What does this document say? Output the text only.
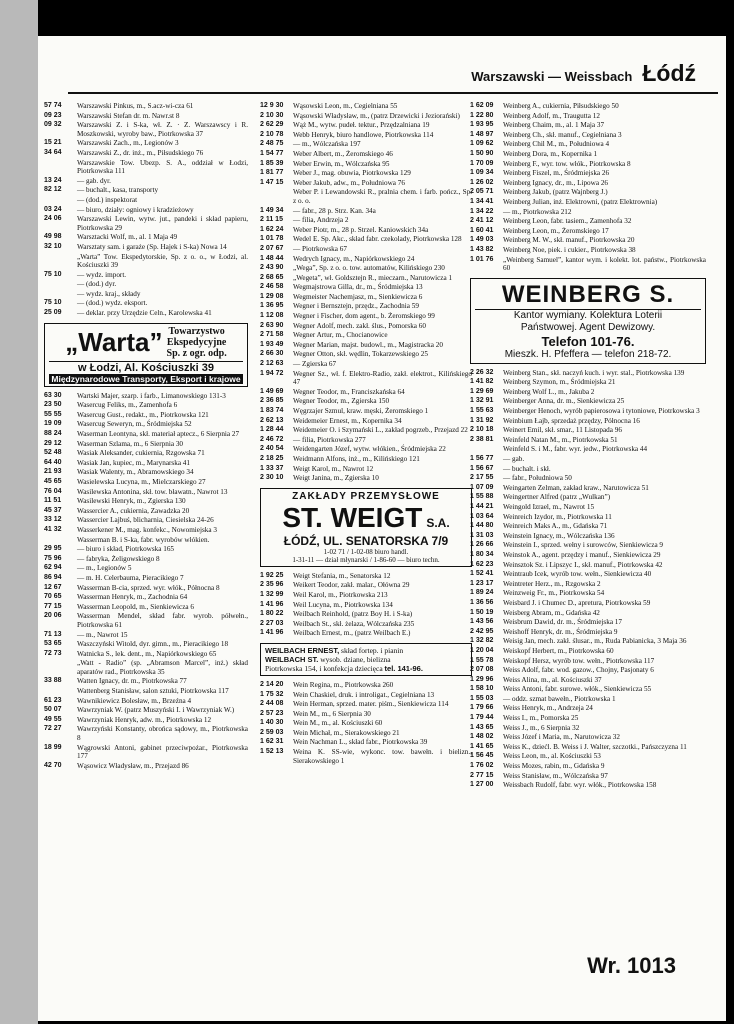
Warszawski — Weissbach Łódź
57 74	Warszawski Pinkus, m., S.acz-wi-cza 61
09 23	Warszawski Stefan dr. m. Nawr.st 8
09 32	Warszawski Z. i S-ka, wł. Z. · Z. Warszawscy i R. Moszkowski, wyroby baw., Piotrkowska 37
15 21	Warszawski Zach., m., Legionów 3
34 64	Warszawski Z., dr. inż., m., Piłsudskiego 76
Warszawskie Tow. Ubezp. S. A., oddział w Łodzi, Piotrkowska 111
13 24	— gab. dyr.
82 12	— buchalt., kasa, transporty
— (dod.) inspektorat
03 24	— biuro, działy: ogniowy i kradzieżowy
24 06	Warszawski Lewin, wytw. jut., pandeki i skład papieru, Piotrkowska 29
49 98	Warsztacki Wolf, m., al. 1 Maja 49
32 10	Warsztaty sam. i garaże (Sp. Hajek i S-ka) Nowa 14
„Warta” Tow. Ekspedytorskie, Sp. z o. o., w Łodzi, al. Kościuszki 39
75 10	— wydz. import.
— (dod.) dyr.
— wydz. kraj., składy
75 10	— (dod.) wydz. eksport.
25 09	— deklar. przy Urzędzie Celn., Karolewska 41
„Warta” Towarzystwo
Ekspedycyjne
Sp. z ogr. odp.
w Łodzi, Al. Kościuszki 39
Międzynarodowe Transporty, Eksport i krajowe
63 30	Wartski Majer, szarp. i farb., Limanowskiego 131-3
23 50	Wasercug Feliks, m., Zamenhofa 6
55 55	Wasercug Gust., redakt., m., Piotrkowska 121
19 09	Wasercug Seweryn, m., Śródmiejska 52
88 24	Waserman Leontyna, skł. materiał aptecz., 6 Sierpnia 27
29 12	Waserman Szlama, m., 6 Sierpnia 30
52 48	Wasiak Aleksander, cukiernia, Rzgowska 71
64 40	Wasiak Jan, kupiec, m., Marynarska 41
21 93	Wasiak Walenty, m., Abramowskiego 34
45 65	Wasielewska Lucyna, m., Mielczarskiego 27
76 04	Wasilewska Antonina, skł. tow. bławatn., Nawrot 13
11 51	Wasilewski Henryk, m., Zgierska 130
45 37	Wassercier A., cukiernia, Zawadzka 20
33 12	Wassercier Lajbuś, blicharnia, Ciesielska 24-26
41 32	Wasserkener M., mag. konfekc., Nowomiejska 3
Wasserman B. i S-ka, fabr. wyrobów włókien.
29 95	— biuro i skład, Piotrkowska 165
75 96	— fabryka, Żeligowskiego 8
62 94	— m., Legionów 5
86 94	— m. H. Celerbauma, Pieracikiego 7
12 67	Wasserman B-cia, sprzed. wyr. włók., Północna 8
70 65	Wasserman Henryk, m., Zachodnia 64
77 15	Wasserman Leopold, m., Sienkiewicza 6
20 06	Wasserman Mendel, skład fabr. wyrob. półwełn., Piotrkowska 61
71 13	— m., Nawrot 15
53 65	Waszczyński Witold, dyr. gimn., m., Pieracikiego 18
72 73	Watnicka S., lek. dent., m., Napiórkowskiego 65
„Watt - Radio” (sp. „Abramson Marcel”, inż.) skład aparatów rad., Piotrkowska 35
33 88	Watten Ignacy, dr. m., Piotrkowska 77
Wattenberg Stanisław, salon sztuki, Piotrkowska 117
61 23	Wawnikiewicz Bolesław, m., Brzeźna 4
50 07	Wawrzyniak W. (patrz Muszyński I. i Wawrzyniak W.)
49 55	Wawrzyniak Henryk, adw. m., Piotrkowska 12
72 27	Wawrzyński Konstanty, obrońca sądowy, m., Piotrkowska 8
18 99	Wągrowski Antoni, gabinet przeciwpożar., Piotrkowska 177
42 70	Wąsowicz Władysław, m., Przejazd 86
12 9 30	Wąsowski Leon, m., Cegielniana 55
2 10 30	Wąsowski Władysław, m., (patrz Drzewicki i Jeziorański)
2 62 29	Wąż M., wytw. pudeł. tektur., Przędzalniana 19
2 10 78	Webb Henryk, biuro handlowe, Piotrkowska 114
2 48 75	— m., Wólczańska 197
1 54 77	Weber Albert, m., Żeromskiego 46
1 85 39	Weber Erwin, m., Wólczańska 95
1 81 77	Weber J., mag. obuwia, Piotrkowska 129
1 47 15	Weber Jakub, adw., m., Południowa 76
Weber P. i Lewandowski R., pralnia chem. i farb. pończ., Sp. z o. o.
1 49 34	— fabr., 28 p. Strz. Kan. 34a
2 11 15	— filia, Andrzeja 2
1 62 24	Weber Piotr, m., 28 p. Strzel. Kaniowskich 34a
1 01 78	Wedel E. Sp. Akc., skład fabr. czekolady, Piotrkowska 128
2 07 67	— Piotrkowska 67
1 48 44	Wedrych Ignacy, m., Napiórkowskiego 24
2 43 90	„Wega”, Sp. z o. o. tow. automatów, Kilińskiego 230
2 68 65	„Wegeta”, wł. Goldsztejn R., mieczarn., Narutowicza 1
2 46 58	Wegmajstrowa Gilla, dr., m., Śródmiejska 13
1 29 08	Wegmeister Nachemjasz, m., Sienkiewicza 6
1 36 95	Wegner i Bernsztejn, przędz., Zachodnia 59
1 12 08	Wegner i Fischer, dom agent., b. Żeromskiego 99
2 63 90	Wegner Adolf, mech. zakł. ślus., Pomorska 60
2 71 58	Wegner Artur, m., Chocianowice
1 93 49	Wegner Marian, majst. budowl., m., Magistracka 20
2 66 30	Wegner Otton, skł. wędlin, Tokarzewskiego 25
2 12 63	— Zgierska 67
1 94 72	Wegner Sz., wł. f. Elektro-Radio, zakł. elektrot., Kilińskiego 47
1 49 69	Wegner Teodor, m., Franciszkańska 64
2 36 85	Wegner Teodor, m., Zgierska 150
1 83 74	Węgrzajer Szmul, kraw. męski, Żeromskiego 1
2 62 13	Weidemeier Ernest, m., Kopernika 34
1 28 44	Weidemeier O. i Szymański L., zakład pogrzeb., Przejazd 22
2 46 72	— filia, Piotrkowska 277
2 40 54	Weidengarten Józef, wytw. włókien., Śródmiejska 22
2 18 25	Weidmann Alfons, inż., m., Kilińskiego 121
1 33 37	Weigt Karol, m., Nawrot 12
2 30 10	Weigt Janina, m., Zgierska 10
ZAKŁADY PRZEMYSŁOWE
ST. WEIGT S.A.
ŁÓDŹ, UL. SENATORSKA 7/9
1-02 71 / 1-02-08 biuro handl.
1-31-11 — dział młynarski / 1-86-60 — biuro techn.
1 92 25	Weigt Stefania, m., Senatorska 12
2 35 96	Weikert Teodor, zakł. malar., Ołówna 29
1 32 99	Weil Karol, m., Piotrkowska 213
1 41 96	Weil Lucyna, m., Piotrkowska 134
1 80 22	Weilbach Reinhold, (patrz Boy H. i S-ka)
2 27 03	Weilbach St., skł. żelaza, Wólczańska 235
1 41 96	Weilbach Ernest, m., (patrz Weilbach E.)
WEILBACH ERNEST, skład fortep. i pianin
WEILBACH ST. wysob. dziane, bielizna
Piotrkowska 154, i konfekcja dziecięca tel. 141-96.
2 14 20	Wein Regina, m., Piotrkowska 260
1 75 32	Wein Chaskiel, druk. i introligat., Cegielniana 13
2 44 08	Wein Herman, sprzed. mater. piśm., Sienkiewicza 114
2 57 23	Wein M., m., 6 Sierpnia 30
1 40 30	Wein M., m., al. Kościuszki 60
2 59 03	Wein Michał, m., Sierakowskiego 21
1 62 31	Wein Nachman L., skład fabr., Piotrkowska 39
1 52 13	Weina K. SS-wie, wykonc. tow. bawełn. i bielizn., Sierakowskiego 1
1 62 09	Weinberg A., cukiernia, Piłsudskiego 50
1 22 80	Weinberg Adolf, m., Traugutta 12
1 93 95	Weinberg Chaim, m., al. 1 Maja 37
1 48 97	Weinberg Ch., skł. manuf., Cegielniana 3
1 09 62	Weinberg Chil M., m., Południowa 4
1 50 90	Weinberg Dora, m., Kopernika 1
1 70 09	Weinberg F., wyr. tow. włók., Piotrkowska 8
1 09 34	Weinberg Fiszel, m., Śródmiejska 26
1 26 02	Weinberg Ignacy, dr., m., Lipowa 26
2 05 71	Weinberg Jakub, (patrz Wajnberg J.)
1 34 41	Weinberg Julian, inż. Elektrowni, (patrz Elektrownia)
1 34 22	— m., Piotrkowska 212
2 41 12	Weinberg Leon, fabr. tasiem., Zamenhofa 32
1 60 41	Weinberg Leon, m., Żeromskiego 17
1 49 03	Weinberg M. W., skł. manuf., Piotrkowska 20
1 43 82	Weinberg Noe, piek. i cukier., Piotrkowska 38
1 01 76	„Weinberg Samuel”, kantor wym. i kolekt. lot. państw., Piotrkowska 60
WEINBERG S.
Kantor wymiany. Kolektura Loterii
Państwowej. Agent Dewizowy.
Telefon 101-76.
Mieszk. H. Pfeffera — telefon 218-72.
2 26 32	Weinberg Stan., skł. naczyń kuch. i wyr. stal., Piotrkowska 139
1 41 82	Weinberg Szymon, m., Śródmiejska 21
1 29 69	Weinberg Wolf L., m., Jakuba 2
1 32 91	Weinberger Anna, dr. m., Sienkiewicza 25
1 55 63	Weinberger Henoch, wyrób papierosowa i tytoniowe, Piotrkowska 3
1 31 92	Weinbium Łajb, sprzedaż przędzy, Północna 16
2 10 18	Weinert Emil, skł. smar., 11 Listopada 96
2 38 81	Weinfeld Natan M., m., Piotrkowska 51
Weinfeld S. i M., fabr. wyr. jedw., Piotrkowska 44
1 56 77	— gab.
1 56 67	— buchalt. i skł.
2 17 55	— fabr., Południowa 50
1 07 09	Weingarten Zelman, zakład kraw., Narutowicza 51
1 55 88	Weingertner Alfred (patrz „Wulkan”)
1 44 21	Weingold Izrael, m., Nawrot 15
1 03 64	Weinreich Izydor, m., Piotrkowska 11
1 44 80	Weinreich Maks A., m., Gdańska 71
1 31 03	Weinstein Ignacy, m., Wólczańska 136
1 26 66	Weinstein I., sprzed. wełny i surowców, Sienkiewicza 9
1 80 34	Weinstok A., agent. przędzy i manuf., Sienkiewicza 29
1 62 23	Weinsztok Sz. i Lipszyc I., skł. manuf., Piotrkowska 42
1 52 41	Weintraub Icek, wyrób tow. wełn., Sienkiewicza 40
1 23 17	Weintreter Herz., m., Rzgowska 2
1 89 24	Weinzweig Fr., m., Piotrkowska 54
1 36 56	Weisbard J. i Chumec D., apretura, Piotrkowska 59
1 50 19	Weisberg Abram, m., Gdańska 42
1 43 56	Weisbrum Dawid, dr. m., Śródmiejska 17
2 42 95	Weishoff Henryk, dr. m., Śródmiejska 9
1 32 82	Weisig Jan, mech. zakł. ślusar., m., Ruda Pabianicka, 3 Maja 36
1 20 04	Weiskopf Herbert, m., Piotrkowska 60
1 55 78	Weiskopf Hersz, wyrób tow. wełn., Piotrkowska 117
2 07 08	Weiss Adolf, fabr. wod. gazow., Chojny, Pasjonaty 6
1 29 96	Weiss Alina, m., al. Kościuszki 37
1 58 10	Weiss Antoni, fabr. surowe. włók., Sienkiewicza 55
1 55 03	— oddz. szmat bawełn., Piotrkowska 1
1 79 66	Weiss Henryk, m., Andrzeja 24
1 79 44	Weiss I., m., Pomorska 25
1 43 65	Weiss J., m., 6 Sierpnia 32
1 48 02	Weiss Józef i Maria, m., Narutowicza 32
1 41 65	Weiss K., dziećl. B. Weiss i J. Walter, szczotki., Pańszczyzna 11
1 56 45	Weiss Leon, m., al. Kościuszki 53
1 76 02	Weiss Mozes, rabin, m., Gdańska 9
2 77 15	Weiss Stanisław, m., Wólczańska 97
1 27 00	Weissbach Rudolf, fabr. wyr. włók., Piotrkowska 158
Wr. 1013
